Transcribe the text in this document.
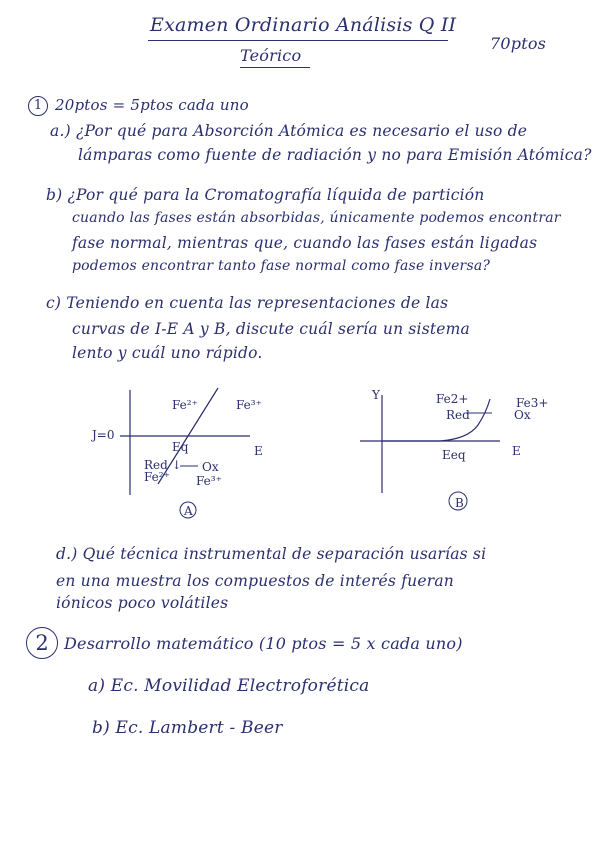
Examen Ordinario Análisis Q II
Teórico
70ptos
1 20ptos = 5ptos cada uno
a.) ¿Por qué para Absorción Atómica es necesario el uso de
lámparas como fuente de radiación y no para Emisión Atómica?
b) ¿Por qué para la Cromatografía líquida de partición
cuando las fases están absorbidas, únicamente podemos encontrar
fase normal, mientras que, cuando las fases están ligadas
podemos encontrar tanto fase normal como fase inversa?
c) Teniendo en cuenta las representaciones de las
curvas de I-E A y B, discute cuál sería un sistema
lento y cuál uno rápido.
Fe²⁺	Fe³⁺
J=0
E
Eq
Red ↓
Fe²⁺
Ox
Fe³⁺
A
Y	Fe2+	Fe3+
Red	Ox
E
Eeq
B
d.) Qué técnica instrumental de separación usarías si
en una muestra los compuestos de interés fueran
iónicos poco volátiles
2 Desarrollo matemático (10 ptos = 5 x cada uno)
a) Ec. Movilidad Electroforética
b) Ec. Lambert - Beer
